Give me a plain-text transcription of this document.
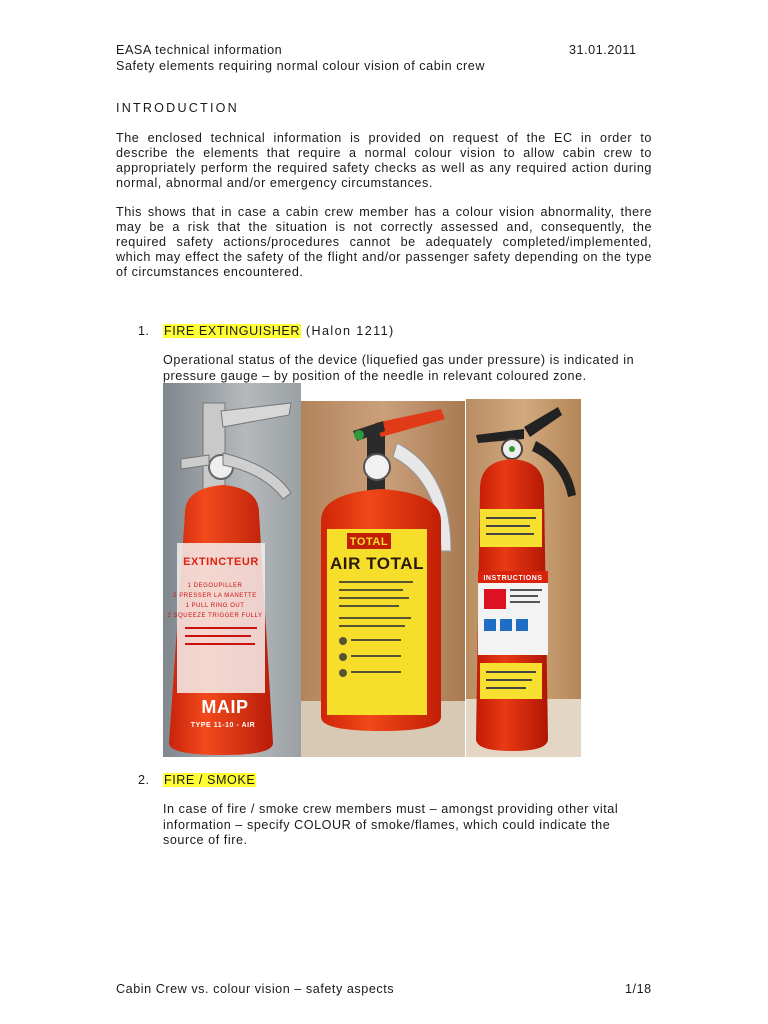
EASA technical information
Safety elements requiring normal colour vision of cabin crew
31.01.2011
INTRODUCTION
The enclosed technical information is provided on request of the EC in order to describe the elements that require a normal colour vision to allow cabin crew to appropriately perform the required safety checks as well as any required action during normal, abnormal and/or emergency circumstances.
This shows that in case a cabin crew member has a colour vision abnormality, there may be a risk that the situation is not correctly assessed and, consequently, the required safety actions/procedures cannot be adequately completed/implemented, which may effect the safety of the flight and/or passenger safety depending on the type of circumstances encountered.
1. FIRE EXTINGUISHER (Halon 1211)
Operational status of the device (liquefied gas under pressure) is indicated in pressure gauge – by position of the needle in relevant coloured zone.
EXTINCTEUR
1 DEGOUPILLER
2 PRESSER LA MANETTE
1 PULL RING OUT
2 SQUEEZE TRIGGER FULLY
MAIP
TYPE 11-10 - AIR
TOTAL
AIR TOTAL
INSTRUCTIONS
2. FIRE / SMOKE
In case of fire / smoke crew members must – amongst providing other vital information – specify COLOUR of smoke/flames, which could indicate the source of fire.
Cabin Crew vs. colour vision – safety aspects	1/18
